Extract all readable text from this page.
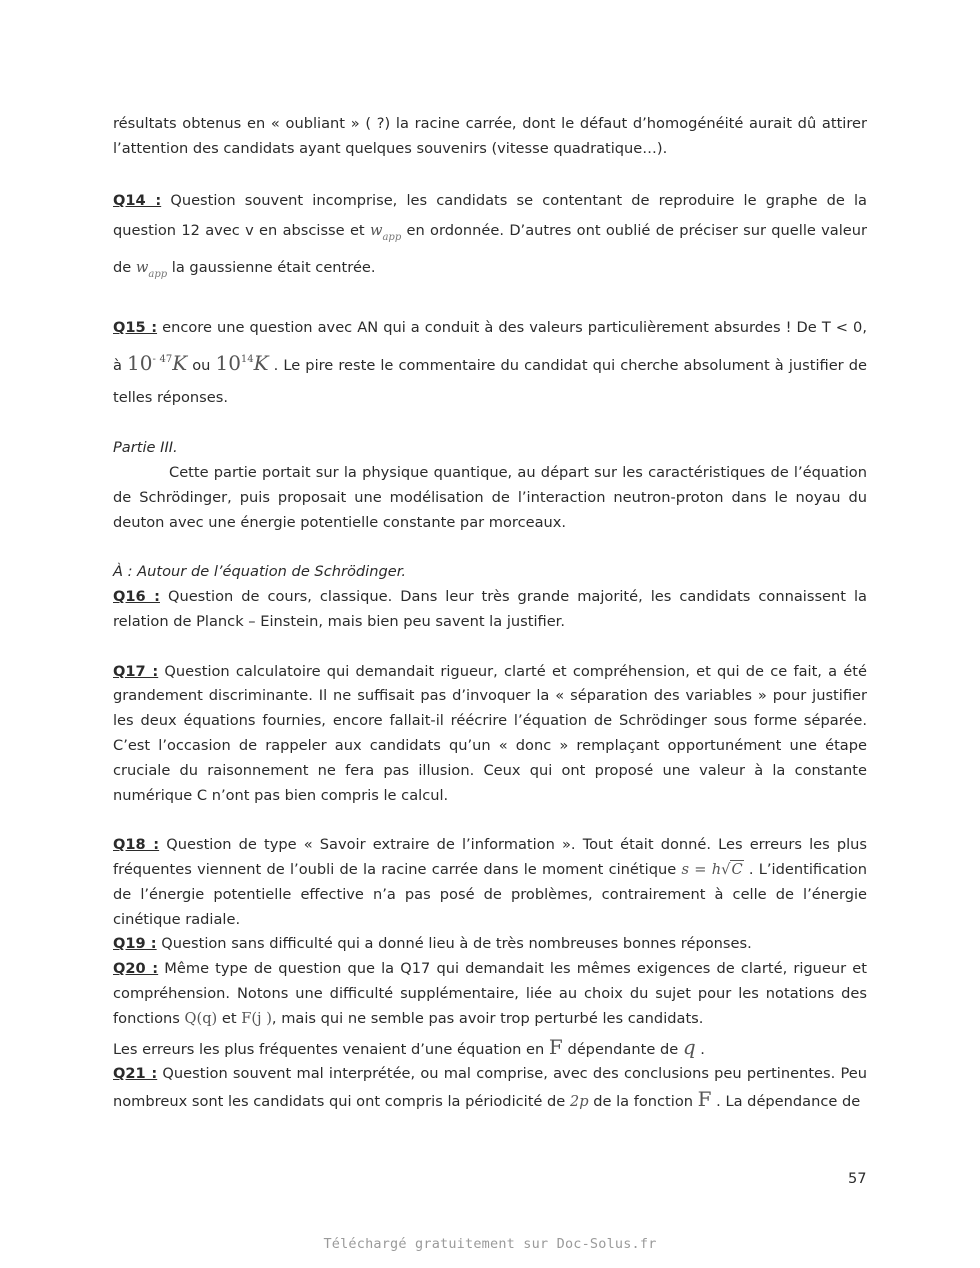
résultats obtenus en « oubliant » ( ?) la racine carrée, dont le défaut d’homogénéité aurait dû attirer l’attention des candidats ayant quelques souvenirs (vitesse quadratique…).

Q14 : Question souvent incomprise, les candidats se contentant de reproduire le graphe de la question 12 avec v en abscisse et $w_{app}$ en ordonnée. D’autres ont oublié de préciser sur quelle valeur de $w_{app}$ la gaussienne était centrée.

Q15 : encore une question avec AN qui a conduit à des valeurs particulièrement absurdes ! De T < 0, à $10^{- 47}K$ ou $10^{14}K$ . Le pire reste le commentaire du candidat qui cherche absolument à justifier de telles réponses.

Partie III.

Cette partie portait sur la physique quantique, au départ sur les caractéristiques de l’équation de Schrödinger, puis proposait une modélisation de l’interaction neutron-proton dans le noyau du deuton avec une énergie potentielle constante par morceaux.

À : Autour de l’équation de Schrödinger.

Q16 : Question de cours, classique. Dans leur très grande majorité, les candidats connaissent la relation de Planck – Einstein, mais bien peu savent la justifier.

Q17 : Question calculatoire qui demandait rigueur, clarté et compréhension, et qui de ce fait, a été grandement discriminante. Il ne suffisait pas d’invoquer la « séparation des variables » pour justifier les deux équations fournies, encore fallait-il réécrire l’équation de Schrödinger sous forme séparée. C’est l’occasion de rappeler aux candidats qu’un « donc » remplaçant opportunément une étape cruciale du raisonnement ne fera pas illusion. Ceux qui ont proposé une valeur à la constante numérique C n’ont pas bien compris le calcul.

Q18 : Question de type « Savoir extraire de l’information ». Tout était donné. Les erreurs les plus fréquentes viennent de l’oubli de la racine carrée dans le moment cinétique s = h√C . L’identification de l’énergie potentielle effective n’a pas posé de problèmes, contrairement à celle de l’énergie cinétique radiale.

Q19 : Question sans difficulté qui a donné lieu à de très nombreuses bonnes réponses.

Q20 : Même type de question que la Q17 qui demandait les mêmes exigences de clarté, rigueur et compréhension. Notons une difficulté supplémentaire, liée au choix du sujet pour les notations des fonctions Q(q) et F(j ), mais qui ne semble pas avoir trop perturbé les candidats.

Les erreurs les plus fréquentes venaient d’une équation en F dépendante de q .

Q21 : Question souvent mal interprétée, ou mal comprise, avec des conclusions peu pertinentes. Peu nombreux sont les candidats qui ont compris la périodicité de 2p de la fonction F . La dépendance de

57
Téléchargé gratuitement sur Doc-Solus.fr
